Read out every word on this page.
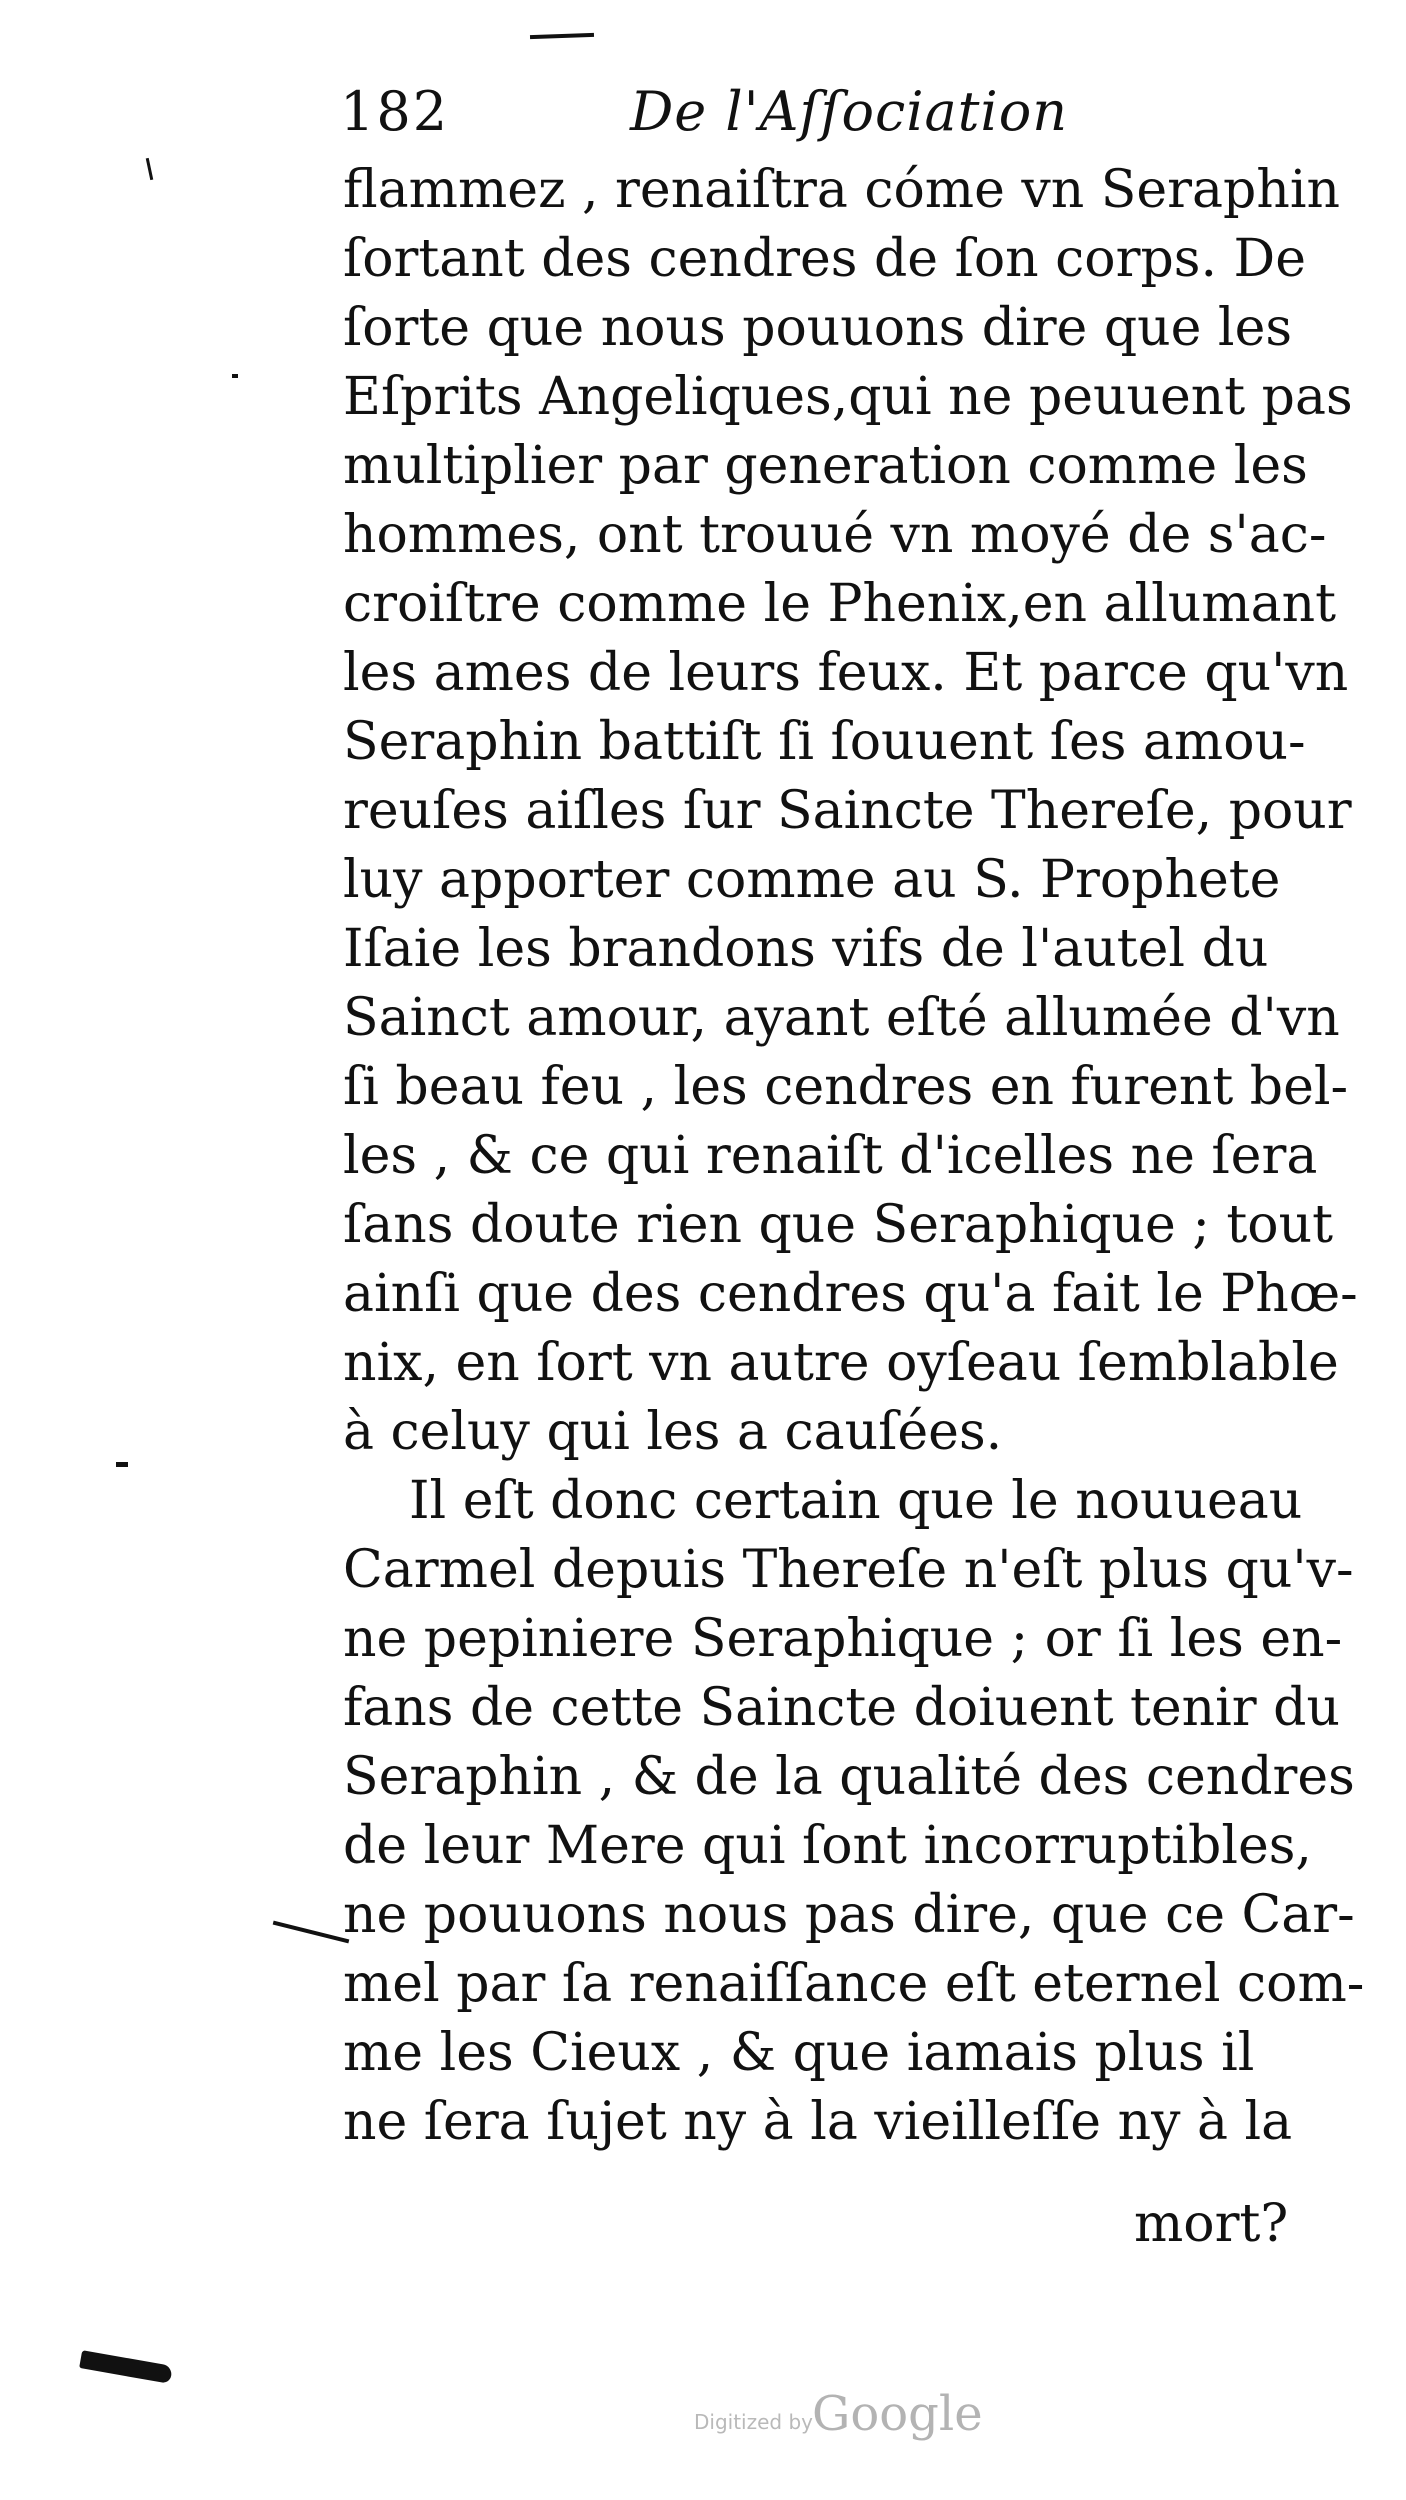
182	De l'Aſſociation
flammez , renaiſtra cóme vn Seraphin
ſortant des cendres de ſon corps. De
ſorte que nous pouuons dire que les
Eſprits Angeliques,qui ne peuuent pas
multiplier par generation comme les
hommes, ont trouué vn moyé de s'ac-
croiſtre comme le Phenix,en allumant
les ames de leurs feux. Et parce qu'vn
Seraphin battiſt ſi ſouuent ſes amou-
reuſes aiſles ſur Saincte Thereſe, pour
luy apporter comme au S. Prophete
Iſaie les brandons vifs de l'autel du
Sainct amour, ayant eſté allumée d'vn
ſi beau feu , les cendres en furent bel-
les , & ce qui renaiſt d'icelles ne ſera
ſans doute rien que Seraphique ; tout
ainſi que des cendres qu'a fait le Phœ-
nix, en ſort vn autre oyſeau ſemblable
à celuy qui les a cauſées.
Il eſt donc certain que le nouueau
Carmel depuis Thereſe n'eſt plus qu'v-
ne pepiniere Seraphique ; or ſi les en-
fans de cette Saincte doiuent tenir du
Seraphin , & de la qualité des cendres
de leur Mere qui ſont incorruptibles,
ne pouuons nous pas dire, que ce Car-
mel par ſa renaiſſance eſt eternel com-
me les Cieux , & que iamais plus il
ne ſera ſujet ny à la vieilleſſe ny à la
mort?
Digitized by Google
